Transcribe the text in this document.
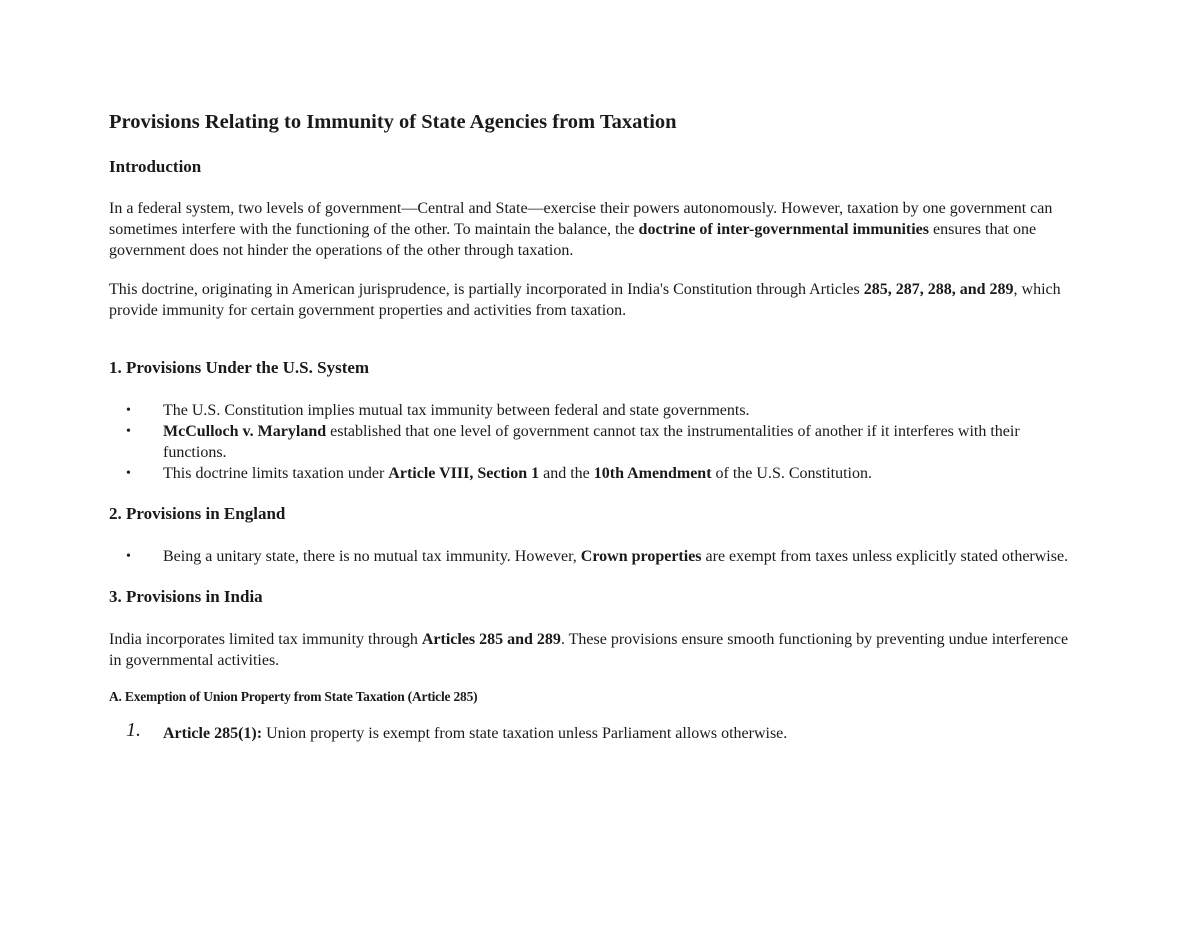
Provisions Relating to Immunity of State Agencies from Taxation
Introduction

In a federal system, two levels of government—Central and State—exercise their powers autonomously. However, taxation by one government can sometimes interfere with the functioning of the other. To maintain the balance, the doctrine of inter-governmental immunities ensures that one government does not hinder the operations of the other through taxation.

This doctrine, originating in American jurisprudence, is partially incorporated in India's Constitution through Articles 285, 287, 288, and 289, which provide immunity for certain government properties and activities from taxation.

1. Provisions Under the U.S. System
• The U.S. Constitution implies mutual tax immunity between federal and state governments.
• McCulloch v. Maryland established that one level of government cannot tax the instrumentalities of another if it interferes with their functions.
• This doctrine limits taxation under Article VIII, Section 1 and the 10th Amendment of the U.S. Constitution.
2. Provisions in England
• Being a unitary state, there is no mutual tax immunity. However, Crown properties are exempt from taxes unless explicitly stated otherwise.
3. Provisions in India

India incorporates limited tax immunity through Articles 285 and 289. These provisions ensure smooth functioning by preventing undue interference in governmental activities.

A. Exemption of Union Property from State Taxation (Article 285)
1. Article 285(1): Union property is exempt from state taxation unless Parliament allows otherwise.
